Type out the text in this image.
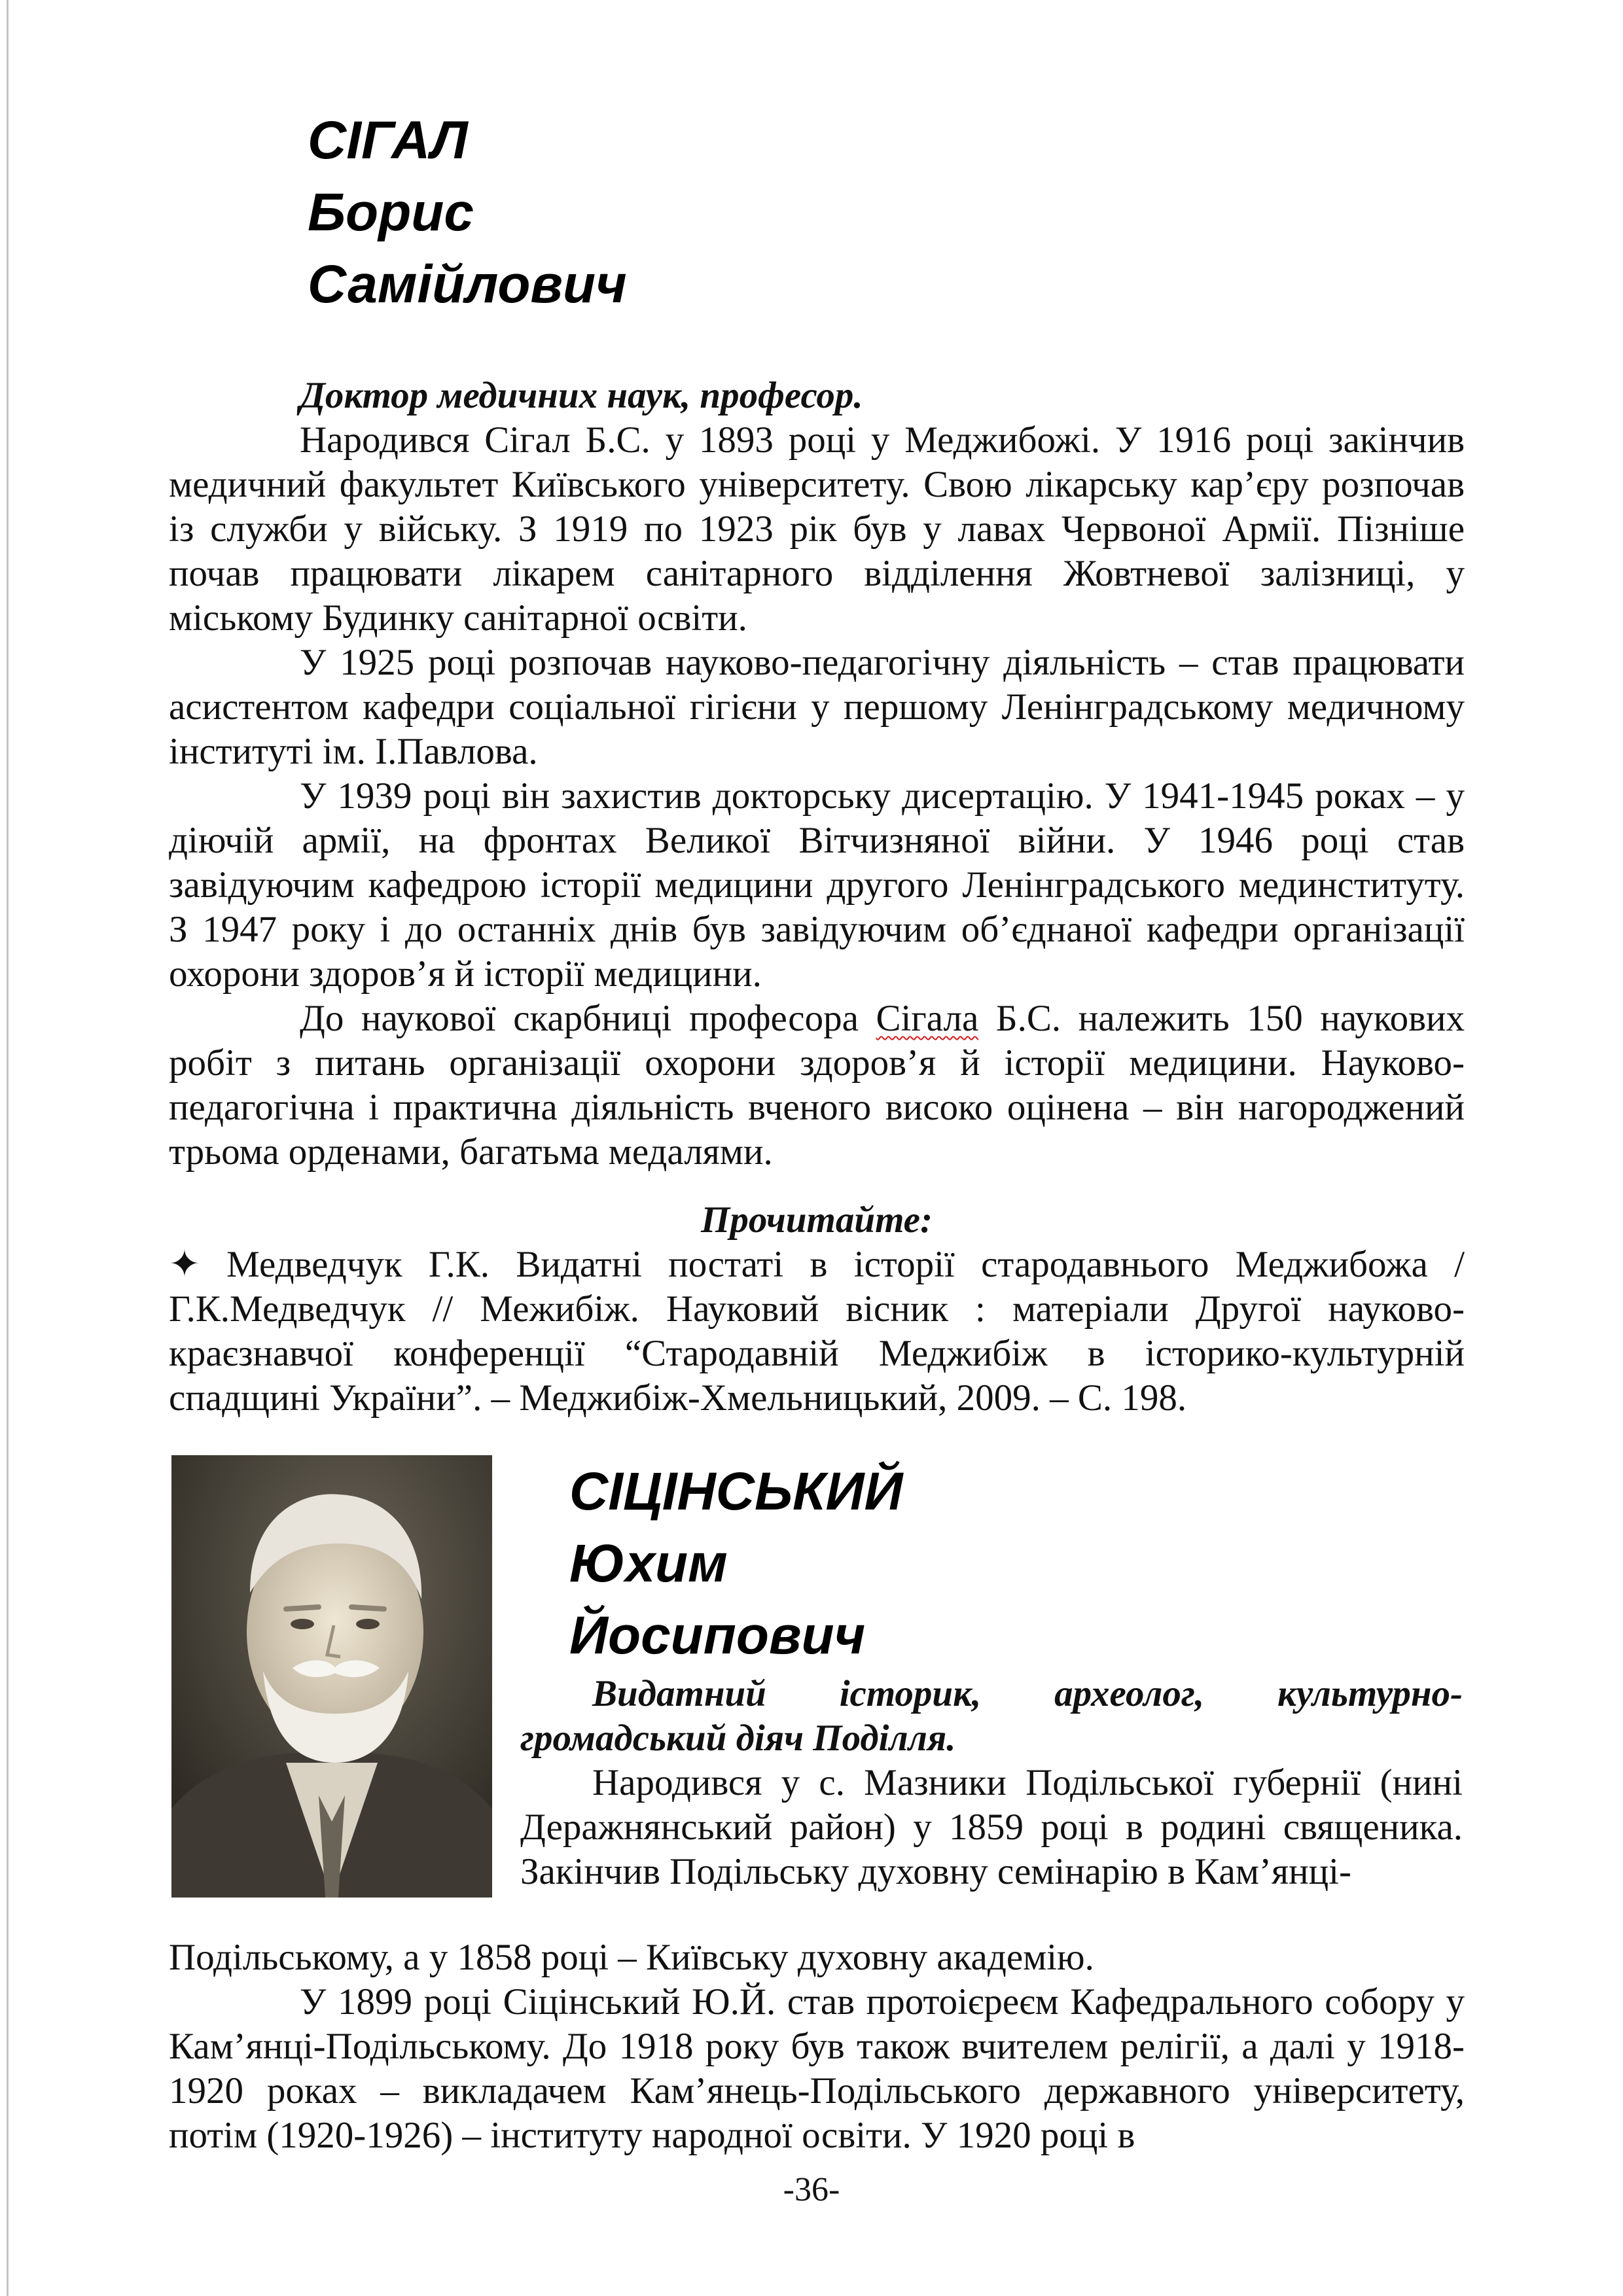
СІГАЛ
Борис
Самійлович

Доктор медичних наук, професор.

Народився Сігал Б.С. у 1893 році у Меджибожі. У 1916 році закінчив медичний факультет Київського університету. Свою лікарську кар’єру розпочав із служби у війську. З 1919 по 1923 рік був у лавах Червоної Армії. Пізніше почав працювати лікарем санітарного відділення Жовтневої залізниці, у міському Будинку санітарної освіти.

У 1925 році розпочав науково-педагогічну діяльність – став працювати асистентом кафедри соціальної гігієни у першому Ленінградському медичному інституті ім. І.Павлова.

У 1939 році він захистив докторську дисертацію. У 1941-1945 роках – у діючій армії, на фронтах Великої Вітчизняної війни. У 1946 році став завідуючим кафедрою історії медицини другого Ленінградського мединституту. З 1947 року і до останніх днів був завідуючим об’єднаної кафедри організації охорони здоров’я й історії медицини.

До наукової скарбниці професора Сігала Б.С. належить 150 наукових робіт з питань організації охорони здоров’я й історії медицини. Науково-педагогічна і практична діяльність вченого високо оцінена – він нагороджений трьома орденами, багатьма медалями.

Прочитайте:

✦ Медведчук Г.К. Видатні постаті в історії стародавнього Меджибожа / Г.К.Медведчук // Межибіж. Науковий вісник : матеріали Другої науково-краєзнавчої конференції “Стародавній Меджибіж в історико-культурній спадщині України”. – Меджибіж-Хмельницький, 2009. – С. 198.

СІЦІНСЬКИЙ
Юхим
Йосипович

Видатний історик, археолог, культурно-громадський діяч Поділля.

Народився у с. Мазники Подільської губернії (нині Деражнянський район) у 1859 році в родині священика. Закінчив Подільську духовну семінарію в Кам’янці-

Подільському, а у 1858 році – Київську духовну академію.

У 1899 році Сіцінський Ю.Й. став протоієреєм Кафедрального собору у Кам’янці-Подільському. До 1918 року був також вчителем релігії, а далі у 1918-1920 роках – викладачем Кам’янець-Подільського державного університету, потім (1920-1926) – інституту народної освіти. У 1920 році в

-36-
